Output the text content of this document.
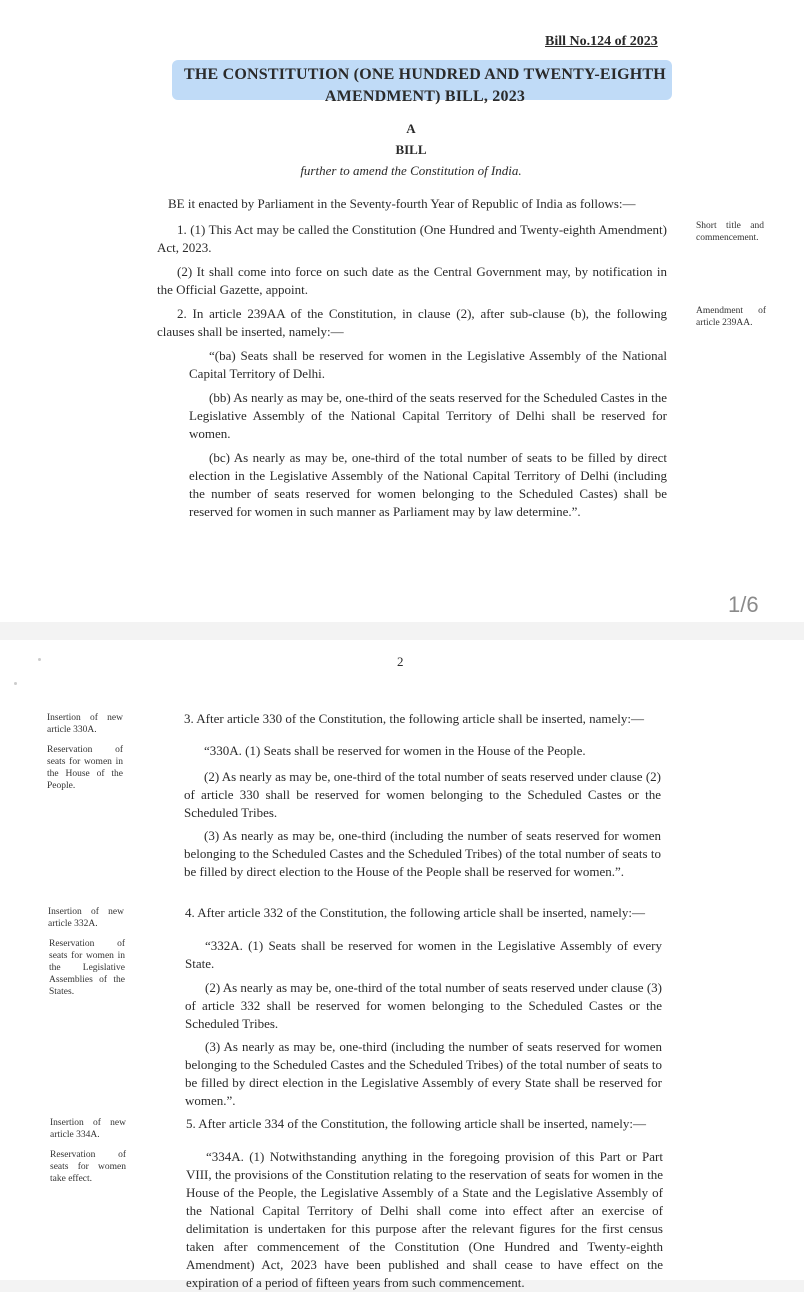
Bill No.124 of 2023
THE CONSTITUTION (ONE HUNDRED AND TWENTY-EIGHTH
AMENDMENT) BILL, 2023
A
BILL
further to amend the Constitution of India.

BE it enacted by Parliament in the Seventy-fourth Year of Republic of India as follows:—

1. (1) This Act may be called the Constitution (One Hundred and Twenty-eighth Amendment) Act, 2023.

(2) It shall come into force on such date as the Central Government may, by notification in the Official Gazette, appoint.

2. In article 239AA of the Constitution, in clause (2), after sub-clause (b), the following clauses shall be inserted, namely:—

“(ba) Seats shall be reserved for women in the Legislative Assembly of the National Capital Territory of Delhi.

(bb) As nearly as may be, one-third of the seats reserved for the Scheduled Castes in the Legislative Assembly of the National Capital Territory of Delhi shall be reserved for women.

(bc) As nearly as may be, one-third of the total number of seats to be filled by direct election in the Legislative Assembly of the National Capital Territory of Delhi (including the number of seats reserved for women belonging to the Scheduled Castes) shall be reserved for women in such manner as Parliament may by law determine.”.

Short title and commencement.
Amendment of article 239AA.
1/6
2

3. After article 330 of the Constitution, the following article shall be inserted, namely:—

“330A. (1) Seats shall be reserved for women in the House of the People.

(2) As nearly as may be, one-third of the total number of seats reserved under clause (2) of article 330 shall be reserved for women belonging to the Scheduled Castes or the Scheduled Tribes.

(3) As nearly as may be, one-third (including the number of seats reserved for women belonging to the Scheduled Castes and the Scheduled Tribes) of the total number of seats to be filled by direct election to the House of the People shall be reserved for women.”.

4. After article 332 of the Constitution, the following article shall be inserted, namely:—

“332A. (1) Seats shall be reserved for women in the Legislative Assembly of every State.

(2) As nearly as may be, one-third of the total number of seats reserved under clause (3) of article 332 shall be reserved for women belonging to the Scheduled Castes or the Scheduled Tribes.

(3) As nearly as may be, one-third (including the number of seats reserved for women belonging to the Scheduled Castes and the Scheduled Tribes) of the total number of seats to be filled by direct election in the Legislative Assembly of every State shall be reserved for women.”.

5. After article 334 of the Constitution, the following article shall be inserted, namely:—

“334A. (1) Notwithstanding anything in the foregoing provision of this Part or Part VIII, the provisions of the Constitution relating to the reservation of seats for women in the House of the People, the Legislative Assembly of a State and the Legislative Assembly of the National Capital Territory of Delhi shall come into effect after an exercise of delimitation is undertaken for this purpose after the relevant figures for the first census taken after commencement of the Constitution (One Hundred and Twenty-eighth Amendment) Act, 2023 have been published and shall cease to have effect on the expiration of a period of fifteen years from such commencement.

Insertion of new article 330A.
Reservation of seats for women in the House of the People.
Insertion of new article 332A.
Reservation of seats for women in the Legislative Assemblies of the States.
Insertion of new article 334A.
Reservation of seats for women take effect.
